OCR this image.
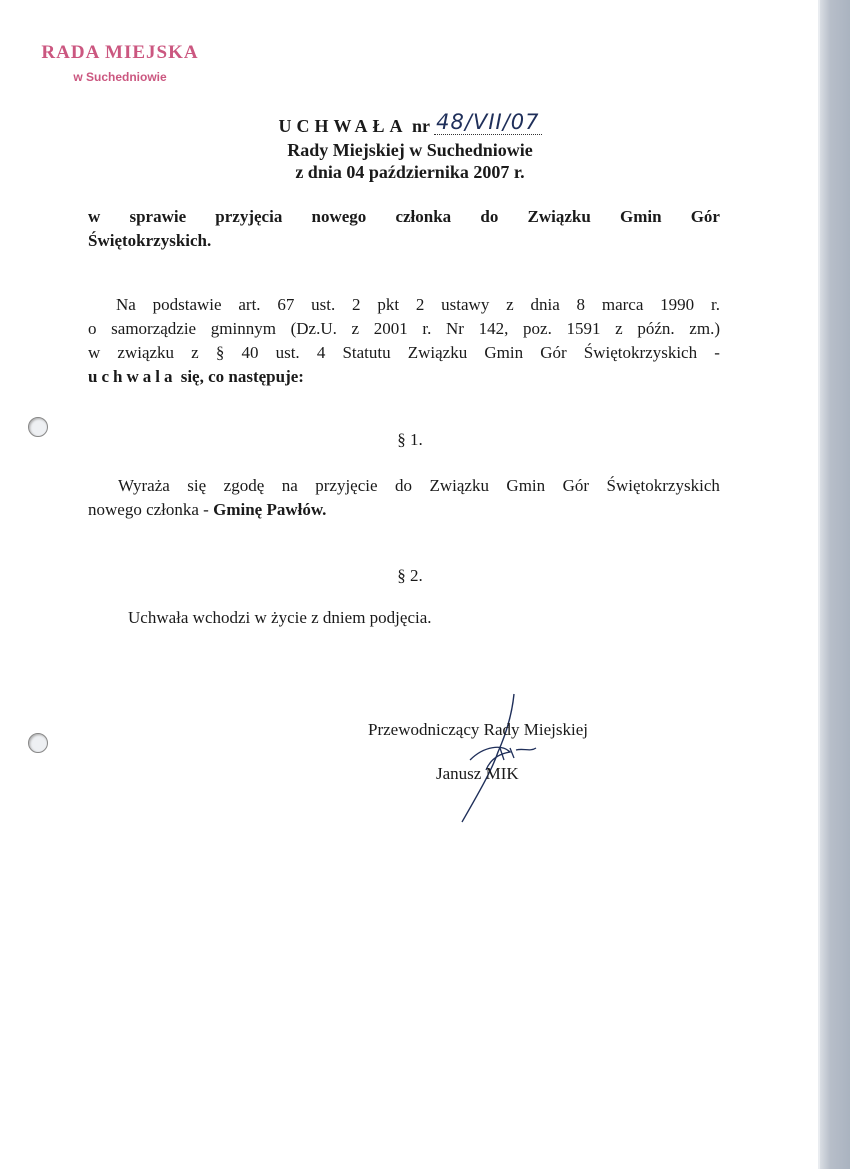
RADA MIEJSKA
w Suchedniowie
UCHWAŁA nr 48/VII/07
Rady Miejskiej w Suchedniowie
z dnia 04 października 2007 r.
w sprawie przyjęcia nowego członka do Związku Gmin Gór
Świętokrzyskich.
Na podstawie art. 67 ust. 2 pkt 2 ustawy z dnia 8 marca 1990 r.
o samorządzie gminnym (Dz.U. z 2001 r. Nr 142, poz. 1591 z późn. zm.)
w związku z § 40 ust. 4 Statutu Związku Gmin Gór Świętokrzyskich -
uchwala się, co następuje:
§ 1.
Wyraża się zgodę na przyjęcie do Związku Gmin Gór Świętokrzyskich
nowego członka - Gminę Pawłów.
§ 2.
Uchwała wchodzi w życie z dniem podjęcia.
Przewodniczący Rady Miejskiej
Janusz MIK
